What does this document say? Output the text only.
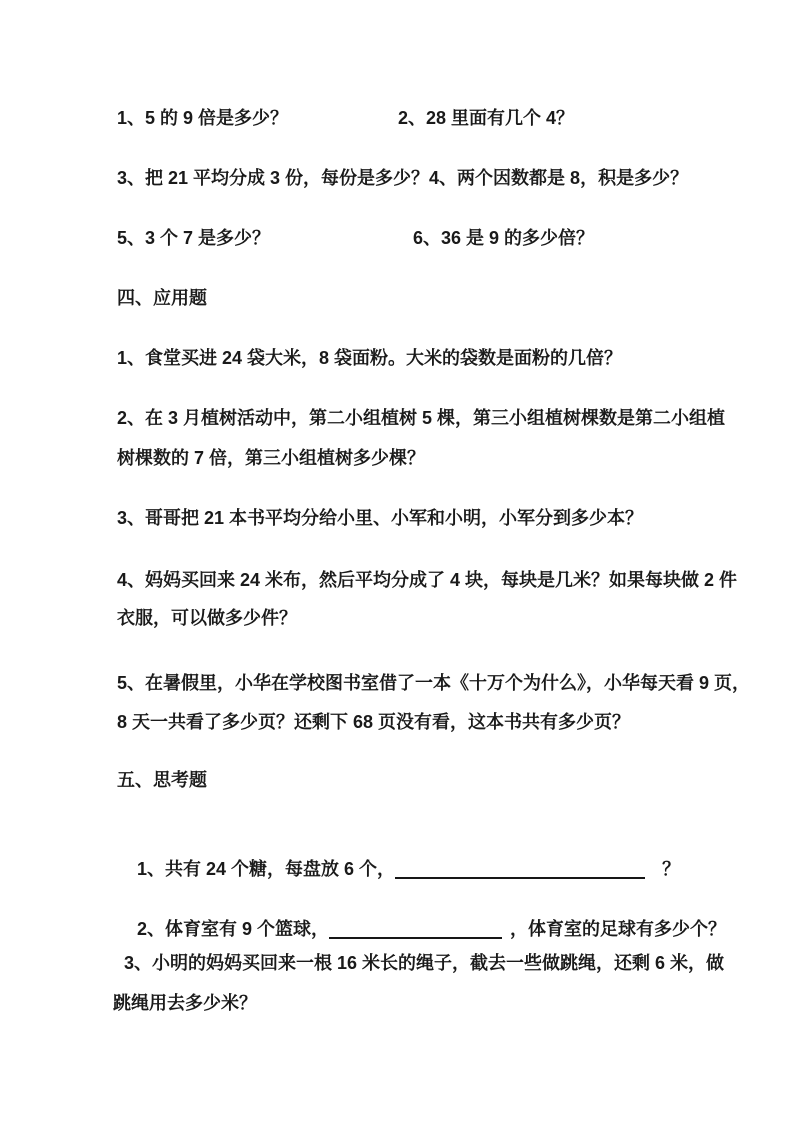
1、5 的 9 倍是多少？	2、28 里面有几个 4？
3、把 21 平均分成 3 份，每份是多少？4、两个因数都是 8，积是多少？
5、3 个 7 是多少？	6、36 是 9 的多少倍？
四、应用题
1、食堂买进 24 袋大米，8 袋面粉。大米的袋数是面粉的几倍？
2、在 3 月植树活动中，第二小组植树 5 棵，第三小组植树棵数是第二小组植
树棵数的 7 倍，第三小组植树多少棵？
3、哥哥把 21 本书平均分给小里、小军和小明，小军分到多少本？
4、妈妈买回来 24 米布，然后平均分成了 4 块，每块是几米？如果每块做 2 件
衣服，可以做多少件？
5、在暑假里，小华在学校图书室借了一本《十万个为什么》，小华每天看 9 页，
8 天一共看了多少页？还剩下 68 页没有看，这本书共有多少页？
五、思考题

1、共有 24 个糖，每盘放 6 个，	？

2、体育室有 9 个篮球，	，体育室的足球有多少个？

3、小明的妈妈买回来一根 16 米长的绳子，截去一些做跳绳，还剩 6 米，做
跳绳用去多少米？
